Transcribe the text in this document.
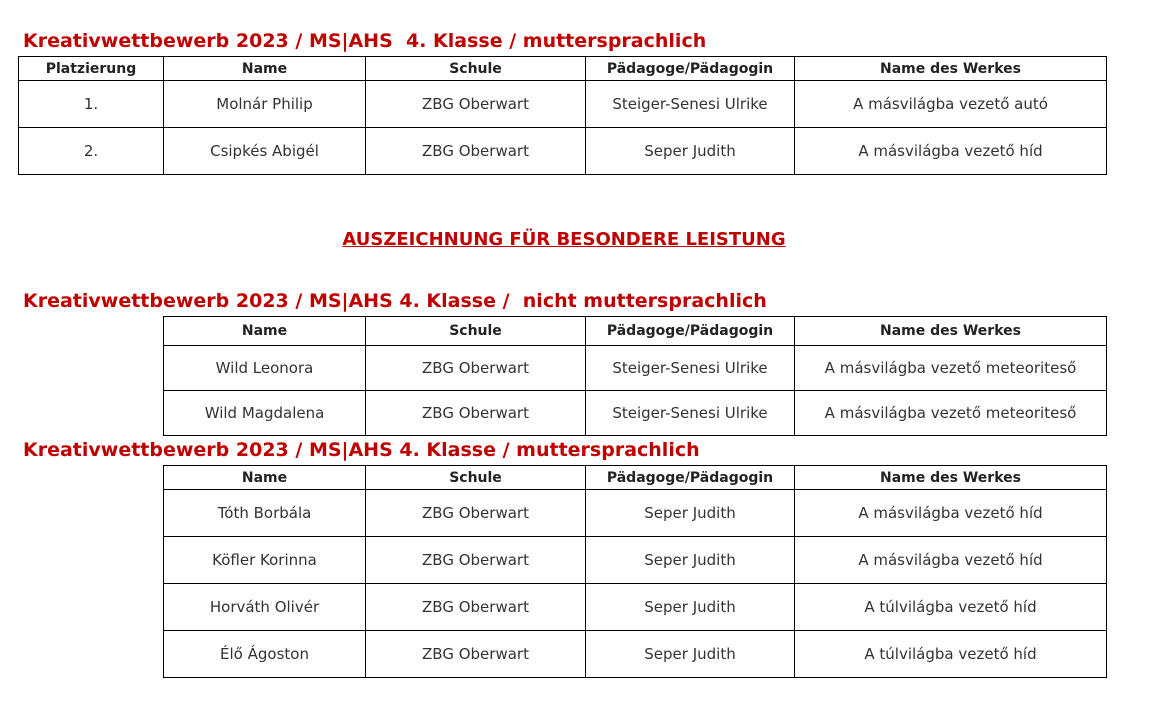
Kreativwettbewerb 2023 / MS|AHS  4. Klasse / muttersprachlich
Platzierung	Name	Schule	Pädagoge/Pädagogin	Name des Werkes
1.	Molnár Philip	ZBG Oberwart	Steiger-Senesi Ulrike	A másvilágba vezető autó
2.	Csipkés Abigél	ZBG Oberwart	Seper Judith	A másvilágba vezető híd
AUSZEICHNUNG FÜR BESONDERE LEISTUNG
Kreativwettbewerb 2023 / MS|AHS 4. Klasse /  nicht muttersprachlich
Name	Schule	Pädagoge/Pädagogin	Name des Werkes
Wild Leonora	ZBG Oberwart	Steiger-Senesi Ulrike	A másvilágba vezető meteoriteső
Wild Magdalena	ZBG Oberwart	Steiger-Senesi Ulrike	A másvilágba vezető meteoriteső
Kreativwettbewerb 2023 / MS|AHS 4. Klasse / muttersprachlich
Name	Schule	Pädagoge/Pädagogin	Name des Werkes
Tóth Borbála	ZBG Oberwart	Seper Judith	A másvilágba vezető híd
Köfler Korinna	ZBG Oberwart	Seper Judith	A másvilágba vezető híd
Horváth Olivér	ZBG Oberwart	Seper Judith	A túlvilágba vezető híd
Élő Ágoston	ZBG Oberwart	Seper Judith	A túlvilágba vezető híd
